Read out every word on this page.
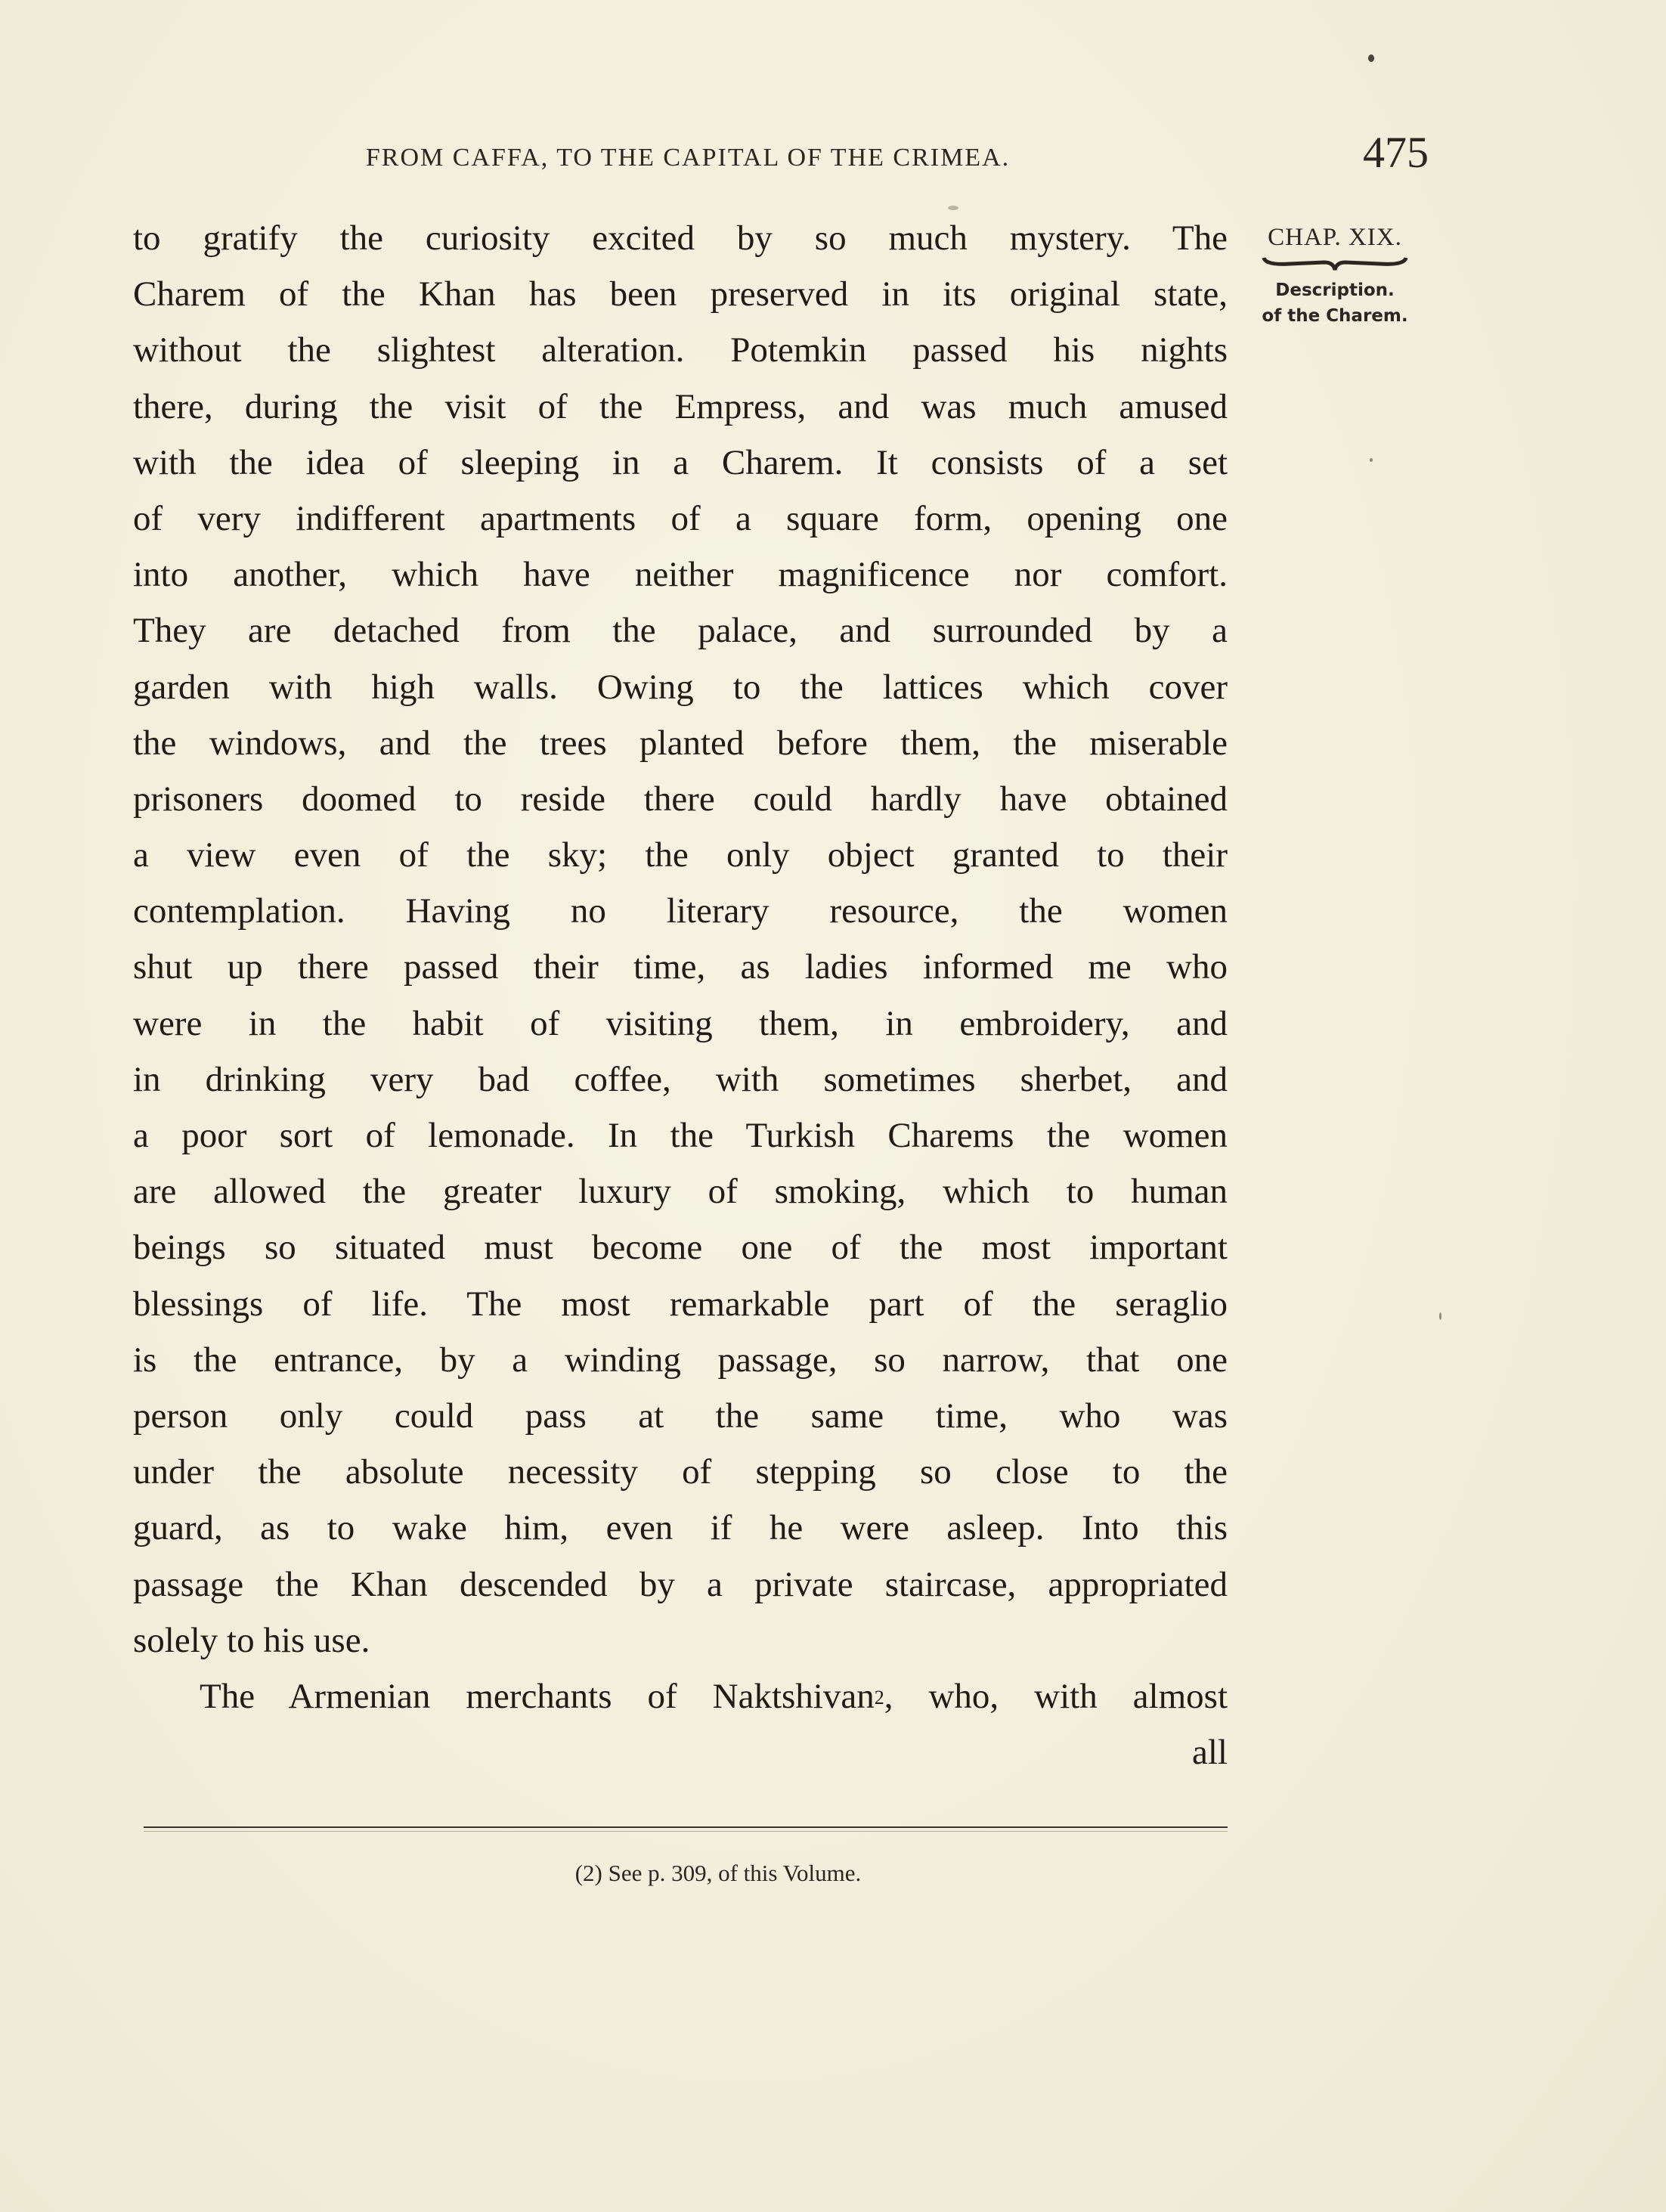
FROM CAFFA, TO THE CAPITAL OF THE CRIMEA.	475
CHAP. XIX.
Description.
of the Charem.
to gratify the curiosity excited by so much mystery. The
Charem of the Khan has been preserved in its original state,
without the slightest alteration. Potemkin passed his nights
there, during the visit of the Empress, and was much amused
with the idea of sleeping in a Charem. It consists of a set
of very indifferent apartments of a square form, opening one
into another, which have neither magnificence nor comfort.
They are detached from the palace, and surrounded by a
garden with high walls. Owing to the lattices which cover
the windows, and the trees planted before them, the miserable
prisoners doomed to reside there could hardly have obtained
a view even of the sky; the only object granted to their
contemplation. Having no literary resource, the women
shut up there passed their time, as ladies informed me who
were in the habit of visiting them, in embroidery, and
in drinking very bad coffee, with sometimes sherbet, and
a poor sort of lemonade. In the Turkish Charems the women
are allowed the greater luxury of smoking, which to human
beings so situated must become one of the most important
blessings of life. The most remarkable part of the seraglio
is the entrance, by a winding passage, so narrow, that one
person only could pass at the same time, who was
under the absolute necessity of stepping so close to the
guard, as to wake him, even if he were asleep. Into this
passage the Khan descended by a private staircase, appropriated
solely to his use.
The Armenian merchants of Naktshivan$^2$, who, with almost
all
(2) See p. 309, of this Volume.
